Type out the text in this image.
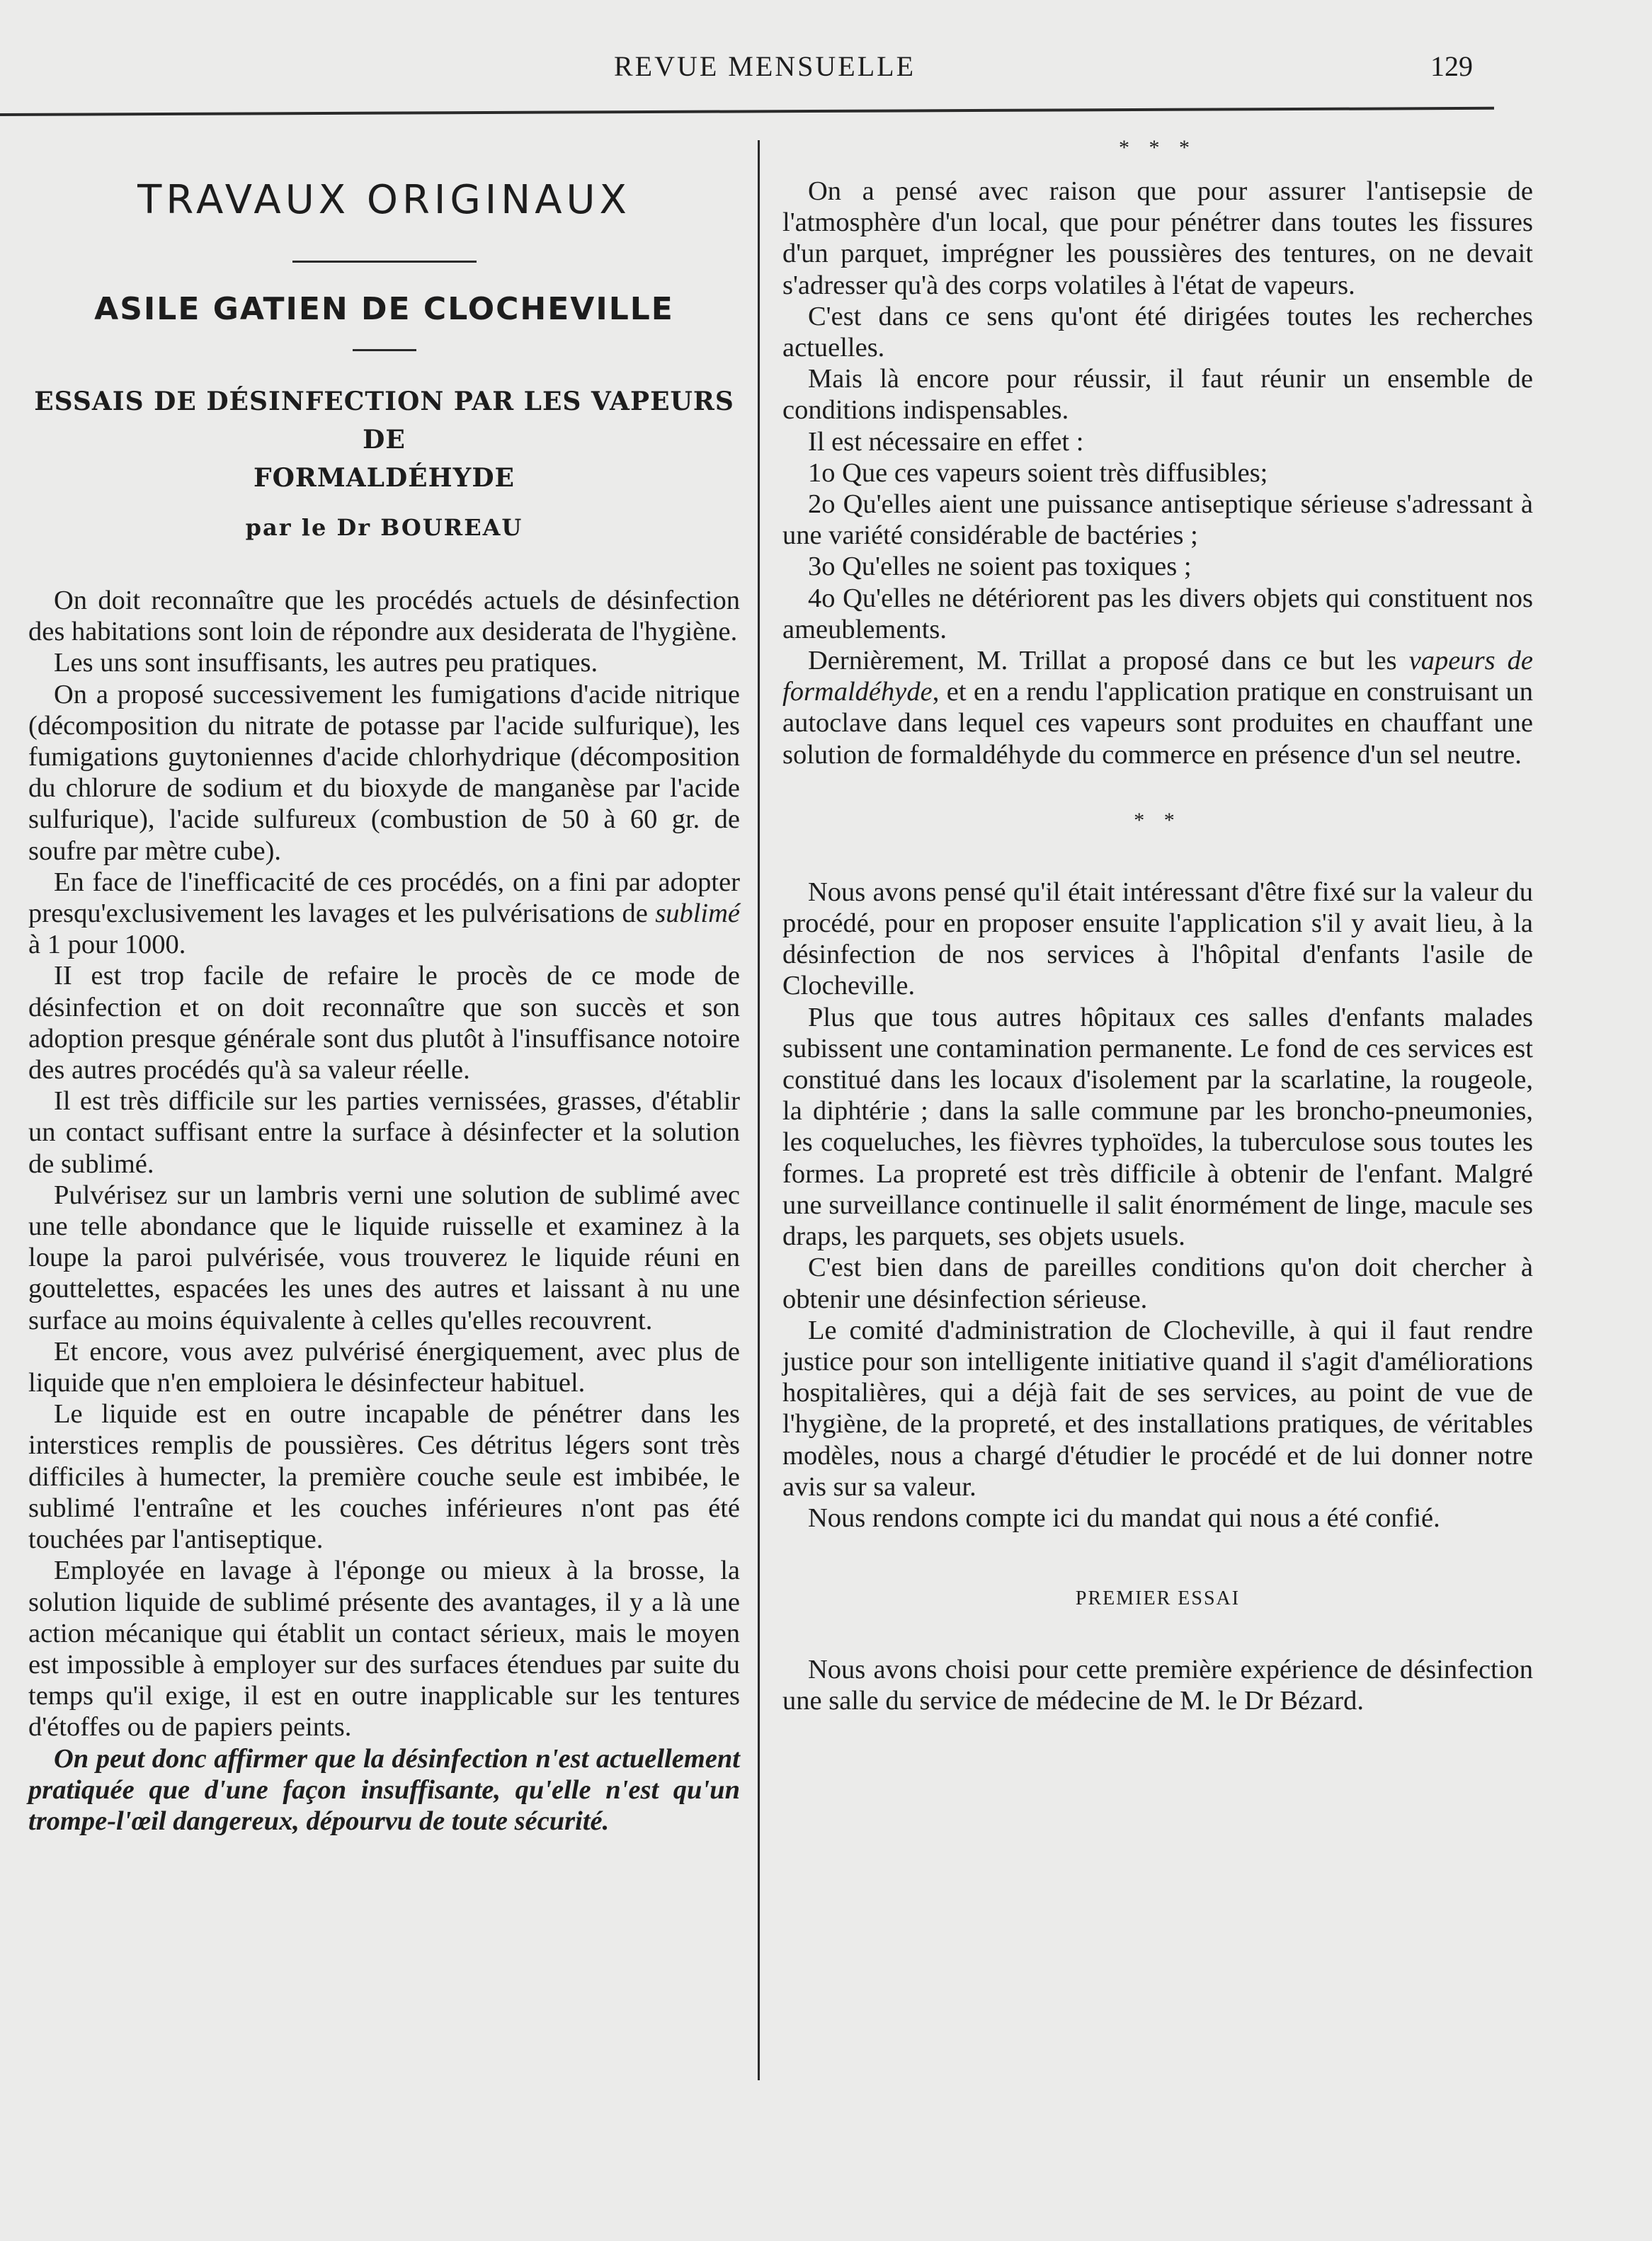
REVUE MENSUELLE	129
TRAVAUX ORIGINAUX
ASILE GATIEN DE CLOCHEVILLE
ESSAIS DE DÉSINFECTION PAR LES VAPEURS DE
FORMALDÉHYDE
par le Dr BOUREAU

On doit reconnaître que les procédés actuels de désinfection des habitations sont loin de répondre aux desiderata de l'hygiène.

Les uns sont insuffisants, les autres peu pratiques.

On a proposé successivement les fumigations d'acide nitrique (décomposition du nitrate de potasse par l'acide sulfurique), les fumigations guytoniennes d'acide chlorhydrique (décomposition du chlorure de sodium et du bioxyde de manganèse par l'acide sulfurique), l'acide sulfureux (combustion de 50 à 60 gr. de soufre par mètre cube).

En face de l'inefficacité de ces procédés, on a fini par adopter presqu'exclusivement les lavages et les pulvérisations de sublimé à 1 pour 1000.

II est trop facile de refaire le procès de ce mode de désinfection et on doit reconnaître que son succès et son adoption presque générale sont dus plutôt à l'insuffisance notoire des autres procédés qu'à sa valeur réelle.

Il est très difficile sur les parties vernissées, grasses, d'établir un contact suffisant entre la surface à désinfecter et la solution de sublimé.

Pulvérisez sur un lambris verni une solution de sublimé avec une telle abondance que le liquide ruisselle et examinez à la loupe la paroi pulvérisée, vous trouverez le liquide réuni en gouttelettes, espacées les unes des autres et laissant à nu une surface au moins équivalente à celles qu'elles recouvrent.

Et encore, vous avez pulvérisé énergiquement, avec plus de liquide que n'en emploiera le désinfecteur habituel.

Le liquide est en outre incapable de pénétrer dans les interstices remplis de poussières. Ces détritus légers sont très difficiles à humecter, la première couche seule est imbibée, le sublimé l'entraîne et les couches inférieures n'ont pas été touchées par l'antiseptique.

Employée en lavage à l'éponge ou mieux à la brosse, la solution liquide de sublimé présente des avantages, il y a là une action mécanique qui établit un contact sérieux, mais le moyen est impossible à employer sur des surfaces étendues par suite du temps qu'il exige, il est en outre inapplicable sur les tentures d'étoffes ou de papiers peints.

On peut donc affirmer que la désinfection n'est actuellement pratiquée que d'une façon insuffisante, qu'elle n'est qu'un trompe-l'œil dangereux, dépourvu de toute sécurité.

* * *

On a pensé avec raison que pour assurer l'antisepsie de l'atmosphère d'un local, que pour pénétrer dans toutes les fissures d'un parquet, imprégner les poussières des tentures, on ne devait s'adresser qu'à des corps volatiles à l'état de vapeurs.

C'est dans ce sens qu'ont été dirigées toutes les recherches actuelles.

Mais là encore pour réussir, il faut réunir un ensemble de conditions indispensables.

Il est nécessaire en effet :

1o Que ces vapeurs soient très diffusibles;

2o Qu'elles aient une puissance antiseptique sérieuse s'adressant à une variété considérable de bactéries ;

3o Qu'elles ne soient pas toxiques ;

4o Qu'elles ne détériorent pas les divers objets qui constituent nos ameublements.

Dernièrement, M. Trillat a proposé dans ce but les vapeurs de formaldéhyde, et en a rendu l'application pratique en construisant un autoclave dans lequel ces vapeurs sont produites en chauffant une solution de formaldéhyde du commerce en présence d'un sel neutre.

* *

Nous avons pensé qu'il était intéressant d'être fixé sur la valeur du procédé, pour en proposer ensuite l'application s'il y avait lieu, à la désinfection de nos services à l'hôpital d'enfants l'asile de Clocheville.

Plus que tous autres hôpitaux ces salles d'enfants malades subissent une contamination permanente. Le fond de ces services est constitué dans les locaux d'isolement par la scarlatine, la rougeole, la diphtérie ; dans la salle commune par les broncho-pneumonies, les coqueluches, les fièvres typhoïdes, la tuberculose sous toutes les formes. La propreté est très difficile à obtenir de l'enfant. Malgré une surveillance continuelle il salit énormément de linge, macule ses draps, les parquets, ses objets usuels.

C'est bien dans de pareilles conditions qu'on doit chercher à obtenir une désinfection sérieuse.

Le comité d'administration de Clocheville, à qui il faut rendre justice pour son intelligente initiative quand il s'agit d'améliorations hospitalières, qui a déjà fait de ses services, au point de vue de l'hygiène, de la propreté, et des installations pratiques, de véritables modèles, nous a chargé d'étudier le procédé et de lui donner notre avis sur sa valeur.

Nous rendons compte ici du mandat qui nous a été confié.

PREMIER ESSAI

Nous avons choisi pour cette première expérience de désinfection une salle du service de médecine de M. le Dr Bézard.
